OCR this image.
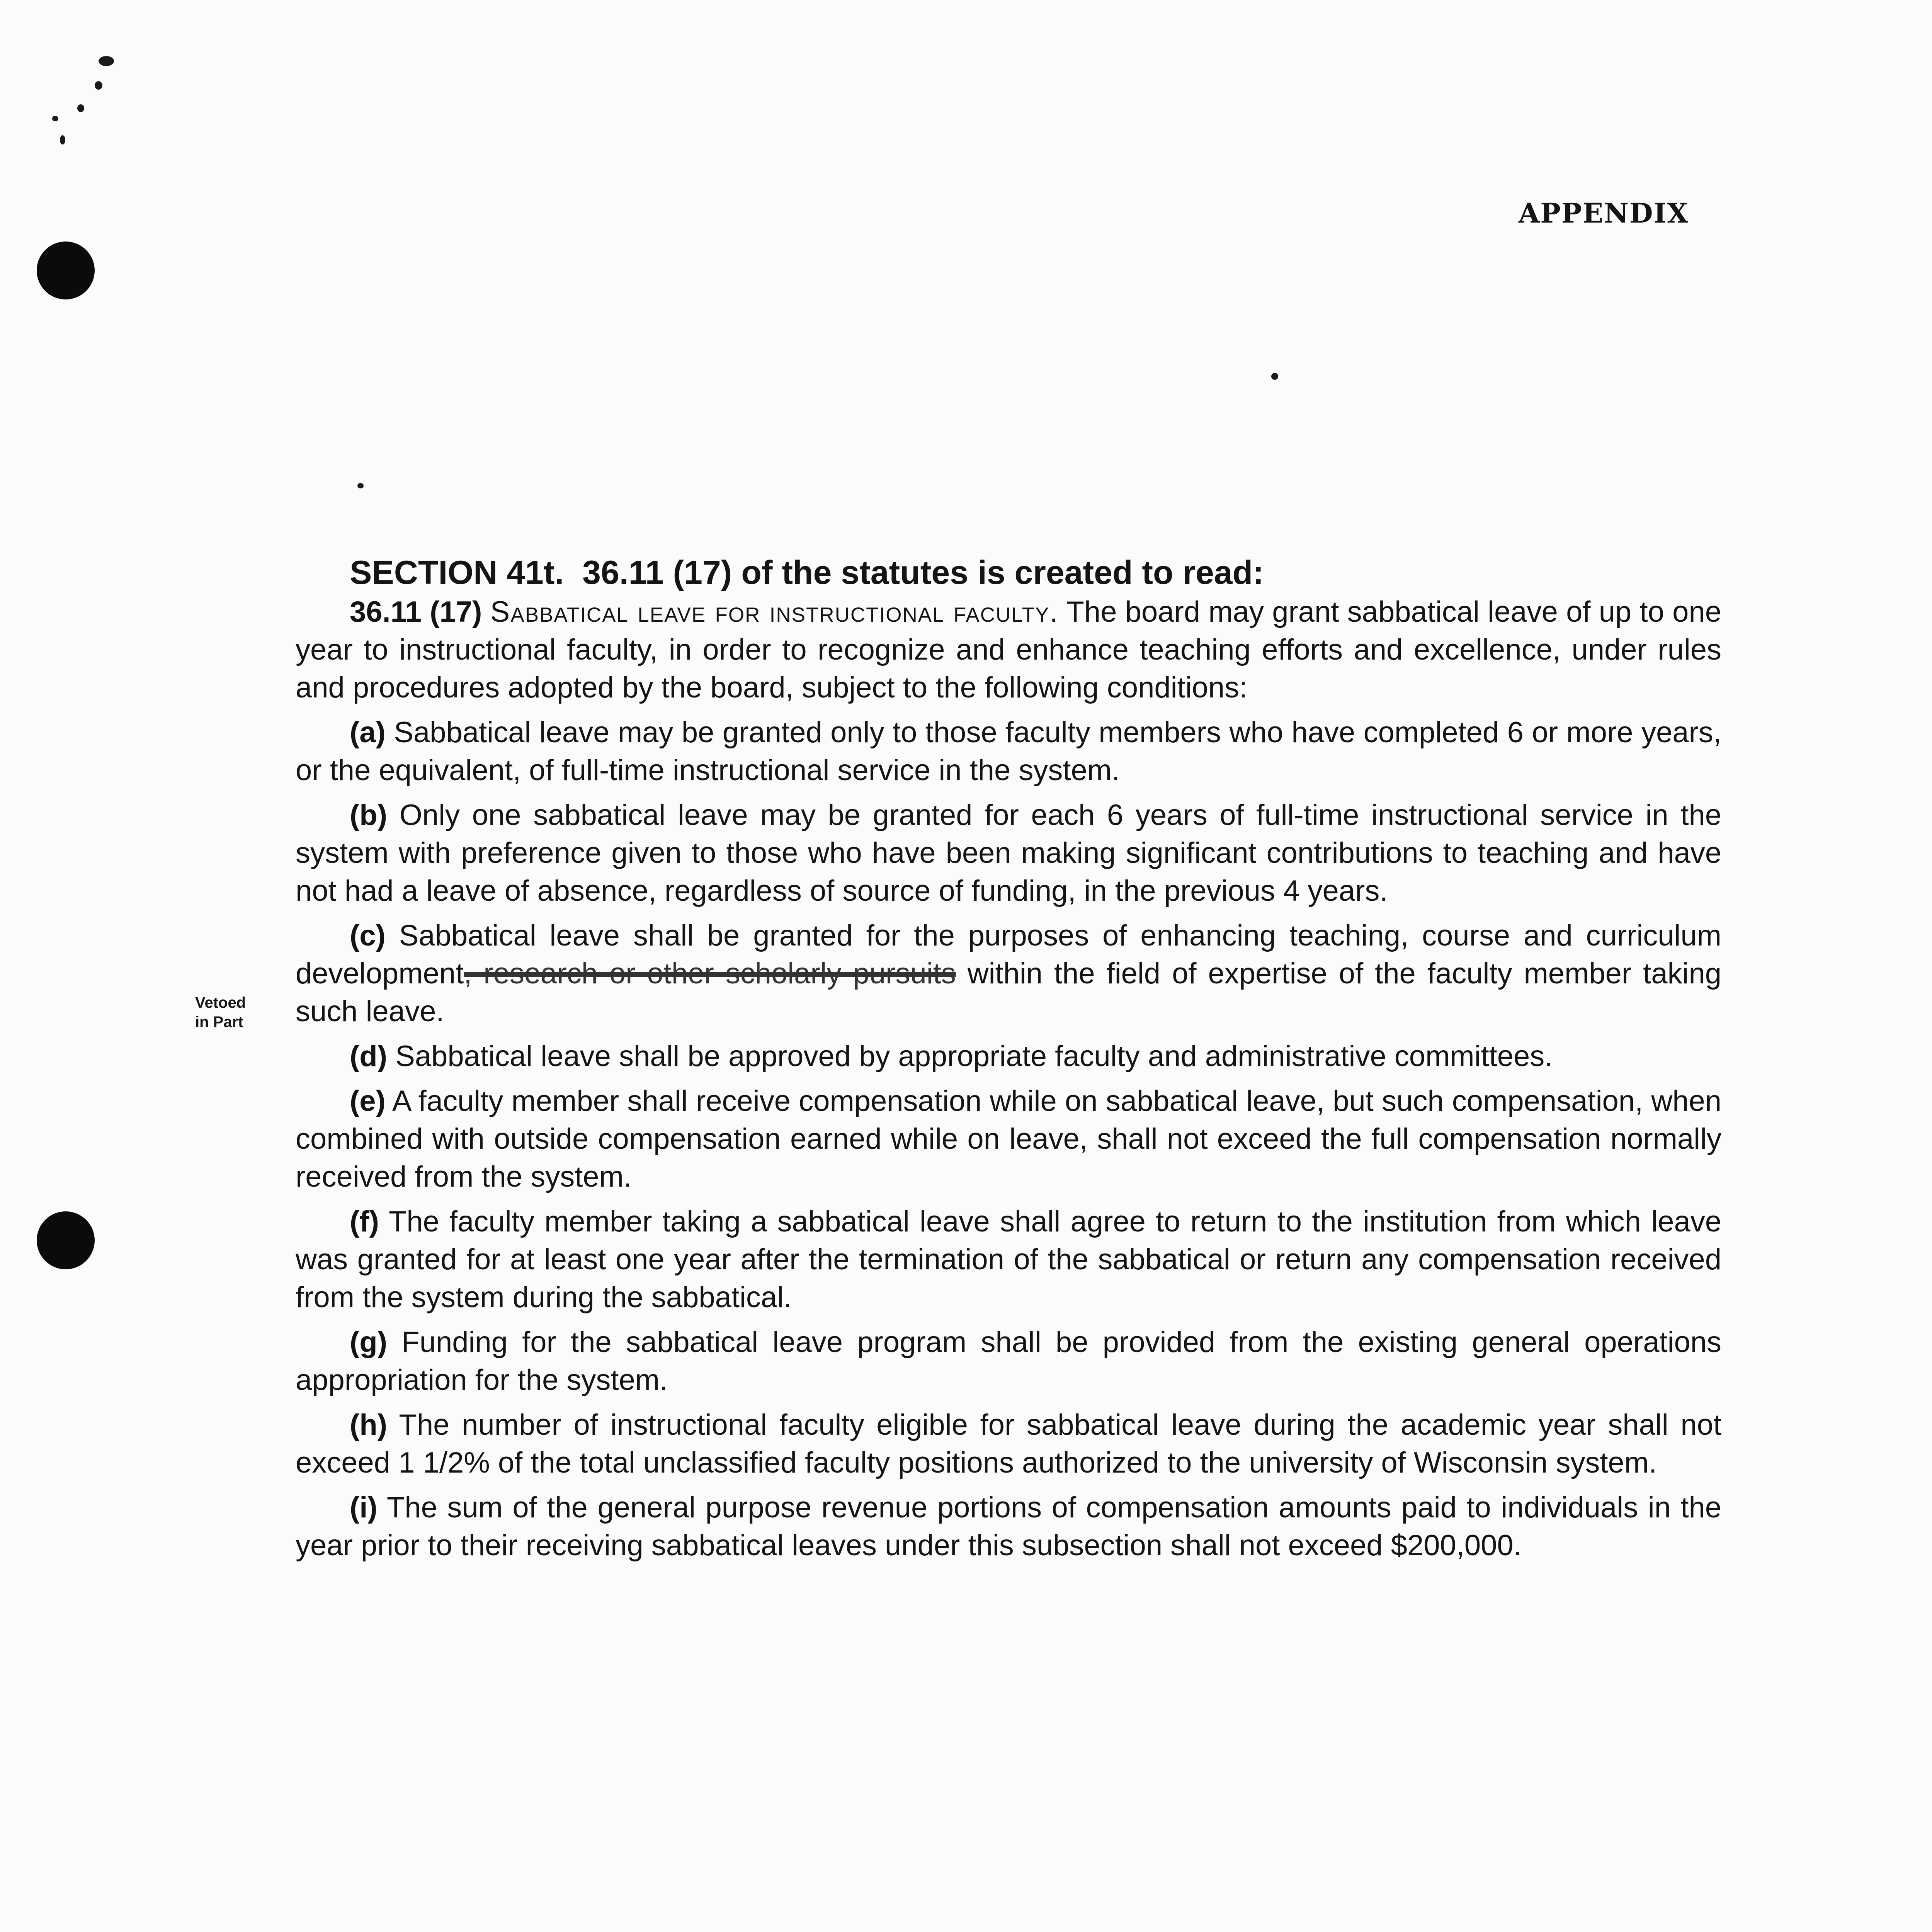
APPENDIX
SECTION 41t. 36.11 (17) of the statutes is created to read:
Vetoed
in Part

36.11 (17) Sabbatical leave for instructional faculty. The board may grant sabbatical leave of up to one year to instructional faculty, in order to recognize and enhance teaching efforts and excellence, under rules and procedures adopted by the board, subject to the following conditions:

(a) Sabbatical leave may be granted only to those faculty members who have completed 6 or more years, or the equivalent, of full-time instructional service in the system.

(b) Only one sabbatical leave may be granted for each 6 years of full-time instructional service in the system with preference given to those who have been making significant contributions to teaching and have not had a leave of absence, regardless of source of funding, in the previous 4 years.

(c) Sabbatical leave shall be granted for the purposes of enhancing teaching, course and curriculum development, research or other scholarly pursuits within the field of expertise of the faculty member taking such leave.

(d) Sabbatical leave shall be approved by appropriate faculty and administrative committees.

(e) A faculty member shall receive compensation while on sabbatical leave, but such compensation, when combined with outside compensation earned while on leave, shall not exceed the full compensation normally received from the system.

(f) The faculty member taking a sabbatical leave shall agree to return to the institution from which leave was granted for at least one year after the termination of the sabbatical or return any compensation received from the system during the sabbatical.

(g) Funding for the sabbatical leave program shall be provided from the existing general operations appropriation for the system.

(h) The number of instructional faculty eligible for sabbatical leave during the academic year shall not exceed 1 1/2% of the total unclassified faculty positions authorized to the university of Wisconsin system.

(i) The sum of the general purpose revenue portions of compensation amounts paid to individuals in the year prior to their receiving sabbatical leaves under this subsection shall not exceed $200,000.
